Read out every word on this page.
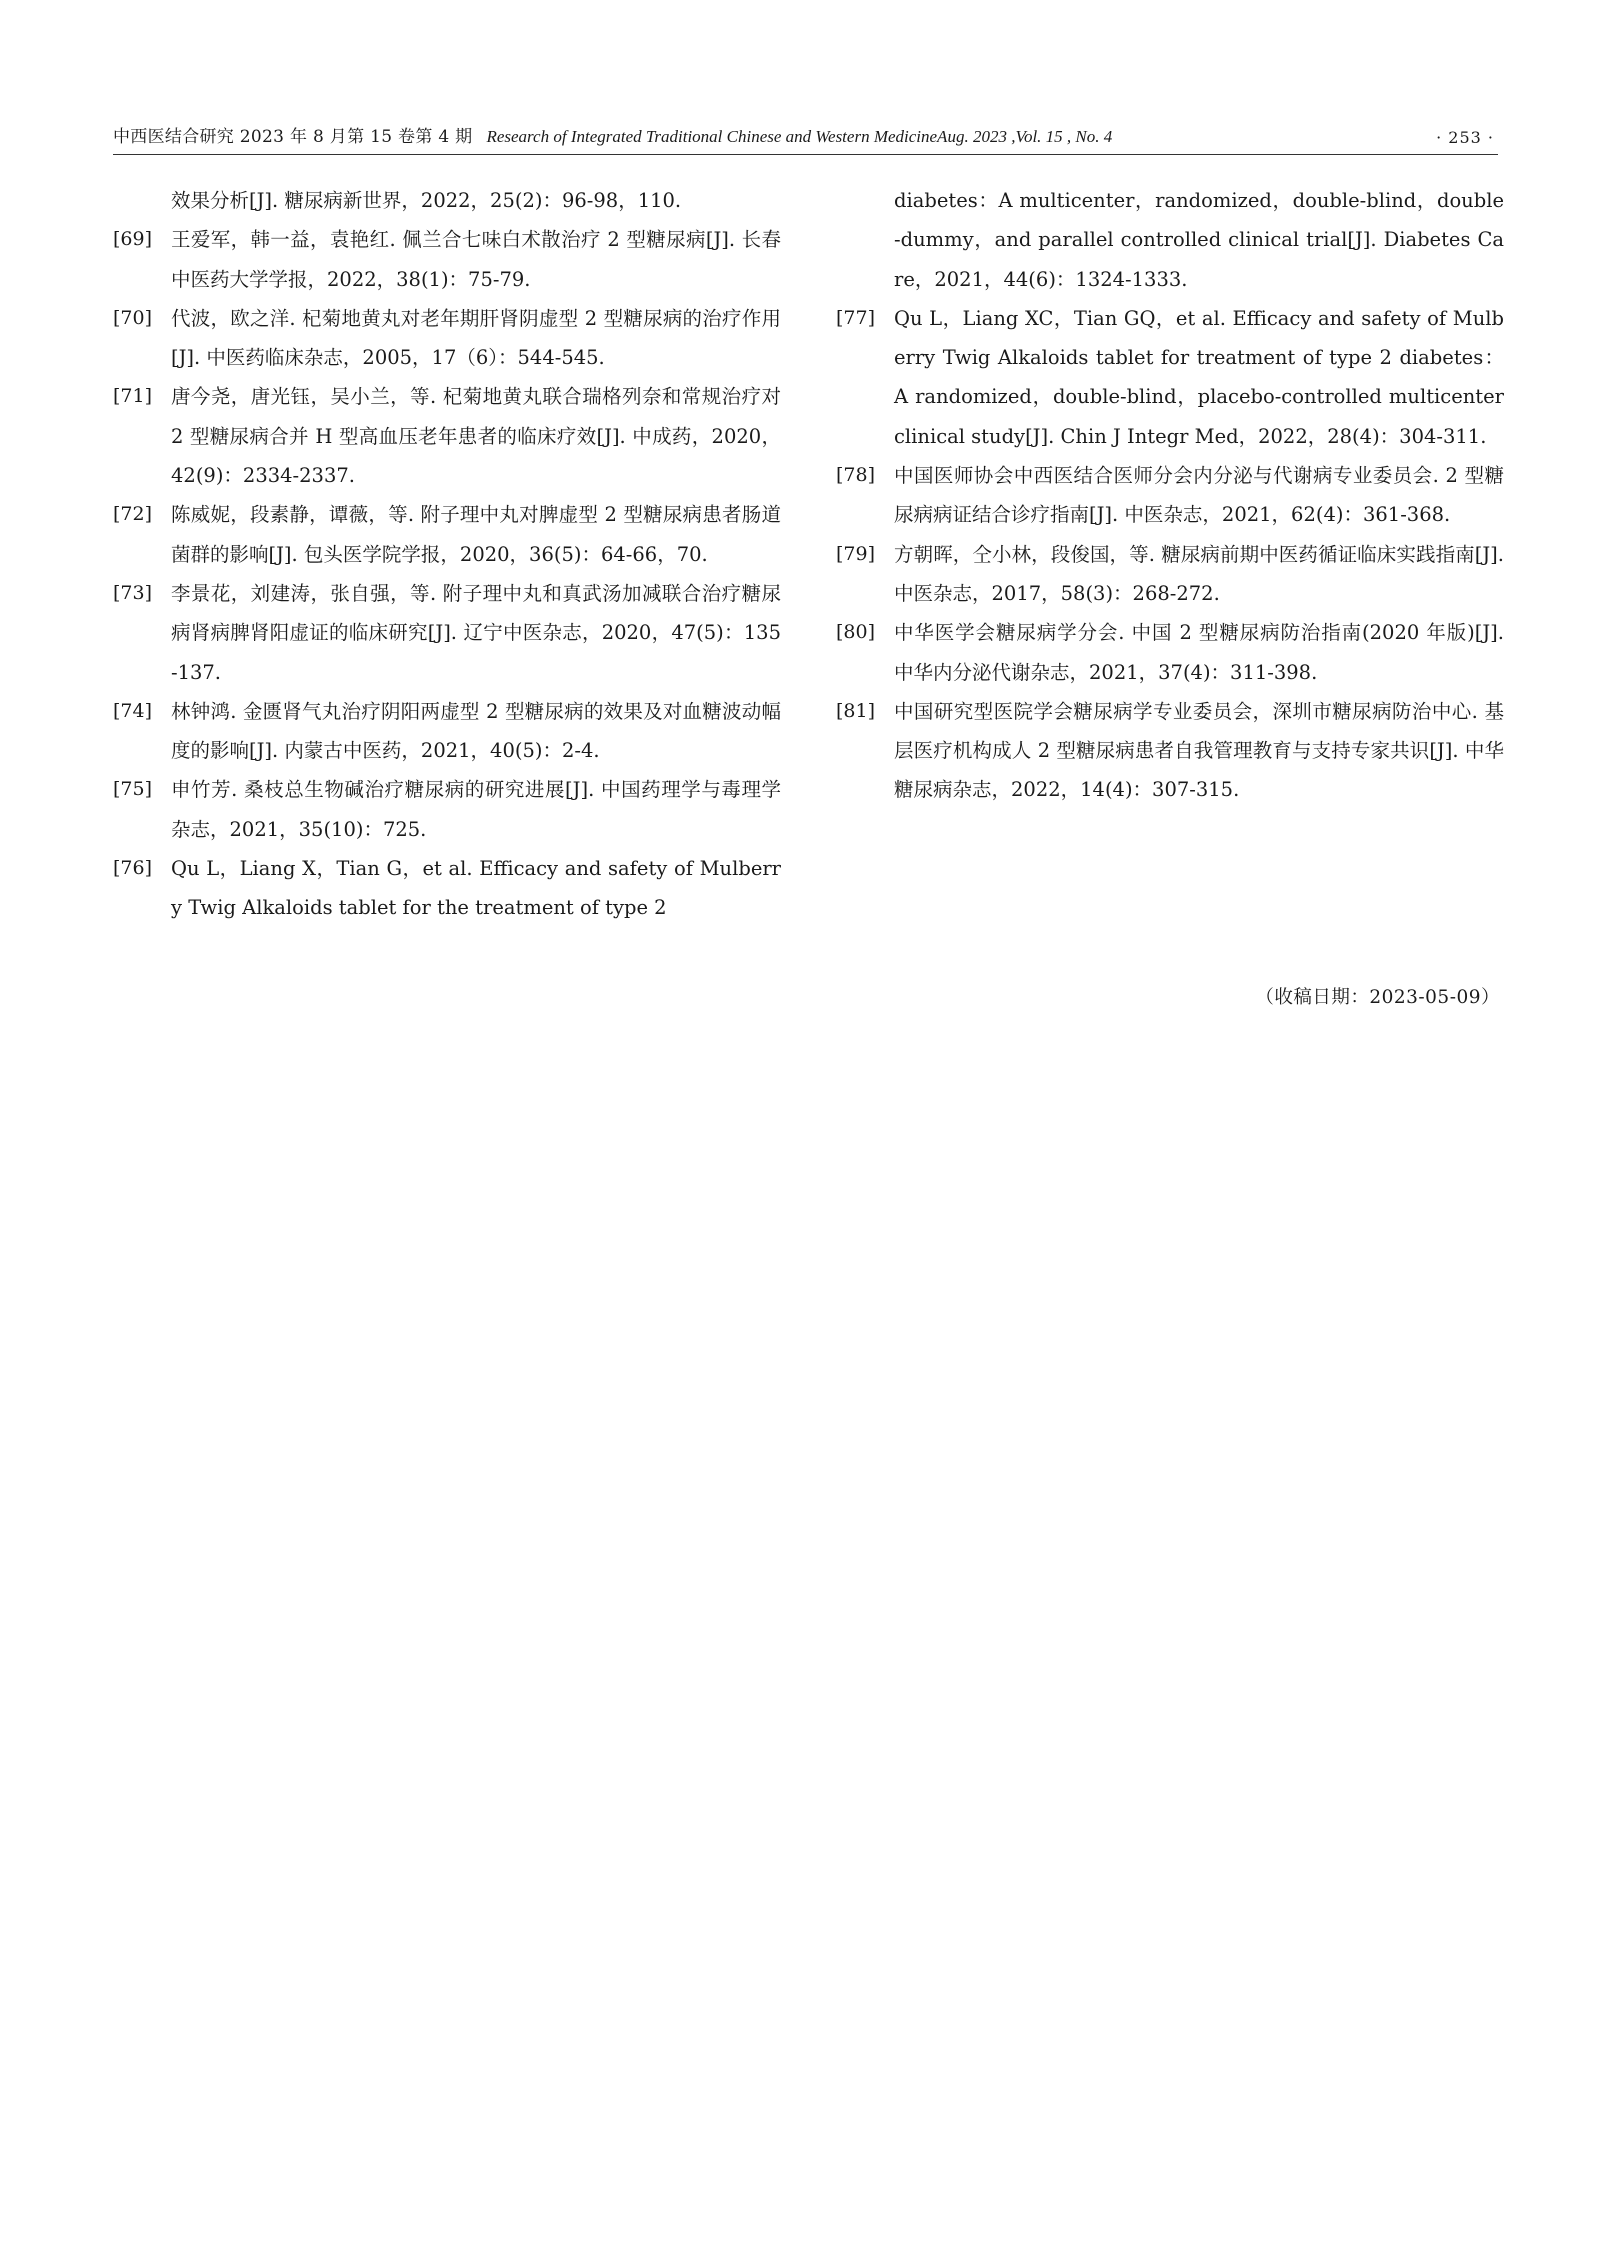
中西医结合研究 2023 年 8 月第 15 卷第 4 期 Research of Integrated Traditional Chinese and Western MedicineAug. 2023 ,Vol. 15 , No. 4	· 253 ·
效果分析[J]. 糖尿病新世界，2022，25(2)：96-98，110.
[69] 王爱军，韩一益，袁艳红. 佩兰合七味白术散治疗 2 型糖尿病[J]. 长春中医药大学学报，2022，38(1)：75-79.
[70] 代波，欧之洋. 杞菊地黄丸对老年期肝肾阴虚型 2 型糖尿病的治疗作用[J]. 中医药临床杂志，2005，17（6）：544-545.
[71] 唐今尧，唐光钰，吴小兰，等. 杞菊地黄丸联合瑞格列奈和常规治疗对 2 型糖尿病合并 H 型高血压老年患者的临床疗效[J]. 中成药，2020，42(9)：2334-2337.
[72] 陈威妮，段素静，谭薇，等. 附子理中丸对脾虚型 2 型糖尿病患者肠道菌群的影响[J]. 包头医学院学报，2020，36(5)：64-66，70.
[73] 李景花，刘建涛，张自强，等. 附子理中丸和真武汤加减联合治疗糖尿病肾病脾肾阳虚证的临床研究[J]. 辽宁中医杂志，2020，47(5)：135-137.
[74] 林钟鸿. 金匮肾气丸治疗阴阳两虚型 2 型糖尿病的效果及对血糖波动幅度的影响[J]. 内蒙古中医药，2021，40(5)：2-4.
[75] 申竹芳. 桑枝总生物碱治疗糖尿病的研究进展[J]. 中国药理学与毒理学杂志，2021，35(10)：725.
[76] Qu L，Liang X，Tian G，et al. Efficacy and safety of Mulberry Twig Alkaloids tablet for the treatment of type 2
diabetes：A multicenter，randomized，double-blind，double-dummy，and parallel controlled clinical trial[J]. Diabetes Care，2021，44(6)：1324-1333.
[77] Qu L，Liang XC，Tian GQ，et al. Efficacy and safety of Mulberry Twig Alkaloids tablet for treatment of type 2 diabetes：A randomized，double-blind，placebo-controlled multicenter clinical study[J]. Chin J Integr Med，2022，28(4)：304-311.
[78] 中国医师协会中西医结合医师分会内分泌与代谢病专业委员会. 2 型糖尿病病证结合诊疗指南[J]. 中医杂志，2021，62(4)：361-368.
[79] 方朝晖，仝小林，段俊国，等. 糖尿病前期中医药循证临床实践指南[J]. 中医杂志，2017，58(3)：268-272.
[80] 中华医学会糖尿病学分会. 中国 2 型糖尿病防治指南(2020 年版)[J]. 中华内分泌代谢杂志，2021，37(4)：311-398.
[81] 中国研究型医院学会糖尿病学专业委员会，深圳市糖尿病防治中心. 基层医疗机构成人 2 型糖尿病患者自我管理教育与支持专家共识[J]. 中华糖尿病杂志，2022，14(4)：307-315.
（收稿日期：2023-05-09）
